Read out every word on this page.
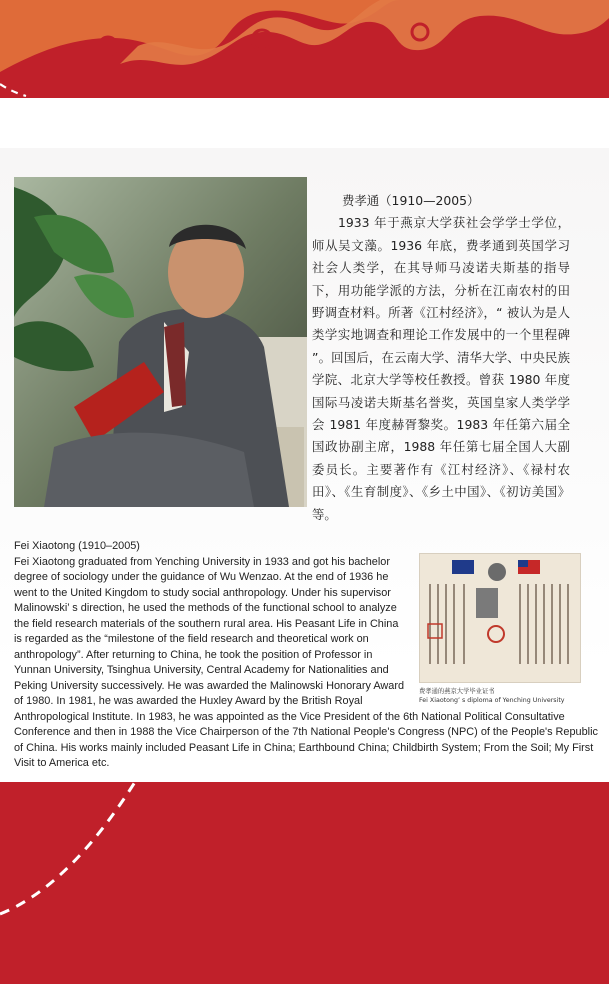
费孝通（1910—2005）
1933 年于燕京大学获社会学学士学位，师从吴文藻。1936 年底，费孝通到英国学习社会人类学，在其导师马凌诺夫斯基的指导下，用功能学派的方法，分析在江南农村的田野调查材料。所著《江村经济》，“ 被认为是人类学实地调查和理论工作发展中的一个里程碑 ”。回国后，在云南大学、清华大学、中央民族学院、北京大学等校任教授。曾获 1980 年度国际马凌诺夫斯基名誉奖，英国皇家人类学学会 1981 年度赫胥黎奖。1983 年任第六届全国政协副主席，1988 年任第七届全国人大副委员长。主要著作有《江村经济》、《禄村农田》、《生育制度》、《乡土中国》、《初访美国》等。
费孝通的燕京大学毕业证书
Fei Xiaotong’ s diploma of Yenching University
Fei Xiaotong (1910–2005)
Fei Xiaotong graduated from Yenching University in 1933 and got his bachelor degree of sociology under the guidance of Wu Wenzao. At the end of 1936 he went to the United Kingdom to study social anthropology. Under his supervisor Malinowski’ s direction, he used the methods of the functional school to analyze the field research materials of the southern rural area. His Peasant Life in China is regarded as the “milestone of the field research and theoretical work on anthropology”. After returning to China, he took the position of Professor in Yunnan University, Tsinghua University, Central Academy for Nationalities and Peking University successively. He was awarded the Malinowski Honorary Award of 1980. In 1981, he was awarded the Huxley Award by the British Royal Anthropological Institute. In 1983, he was appointed as the Vice President of the 6th National Political Consultative Conference and then in 1988 the Vice Chairperson of the 7th National People's Congress (NPC) of the People's Republic of China. His works mainly included Peasant Life in China; Earthbound China; Childbirth System; From the Soil; My First Visit to America etc.
